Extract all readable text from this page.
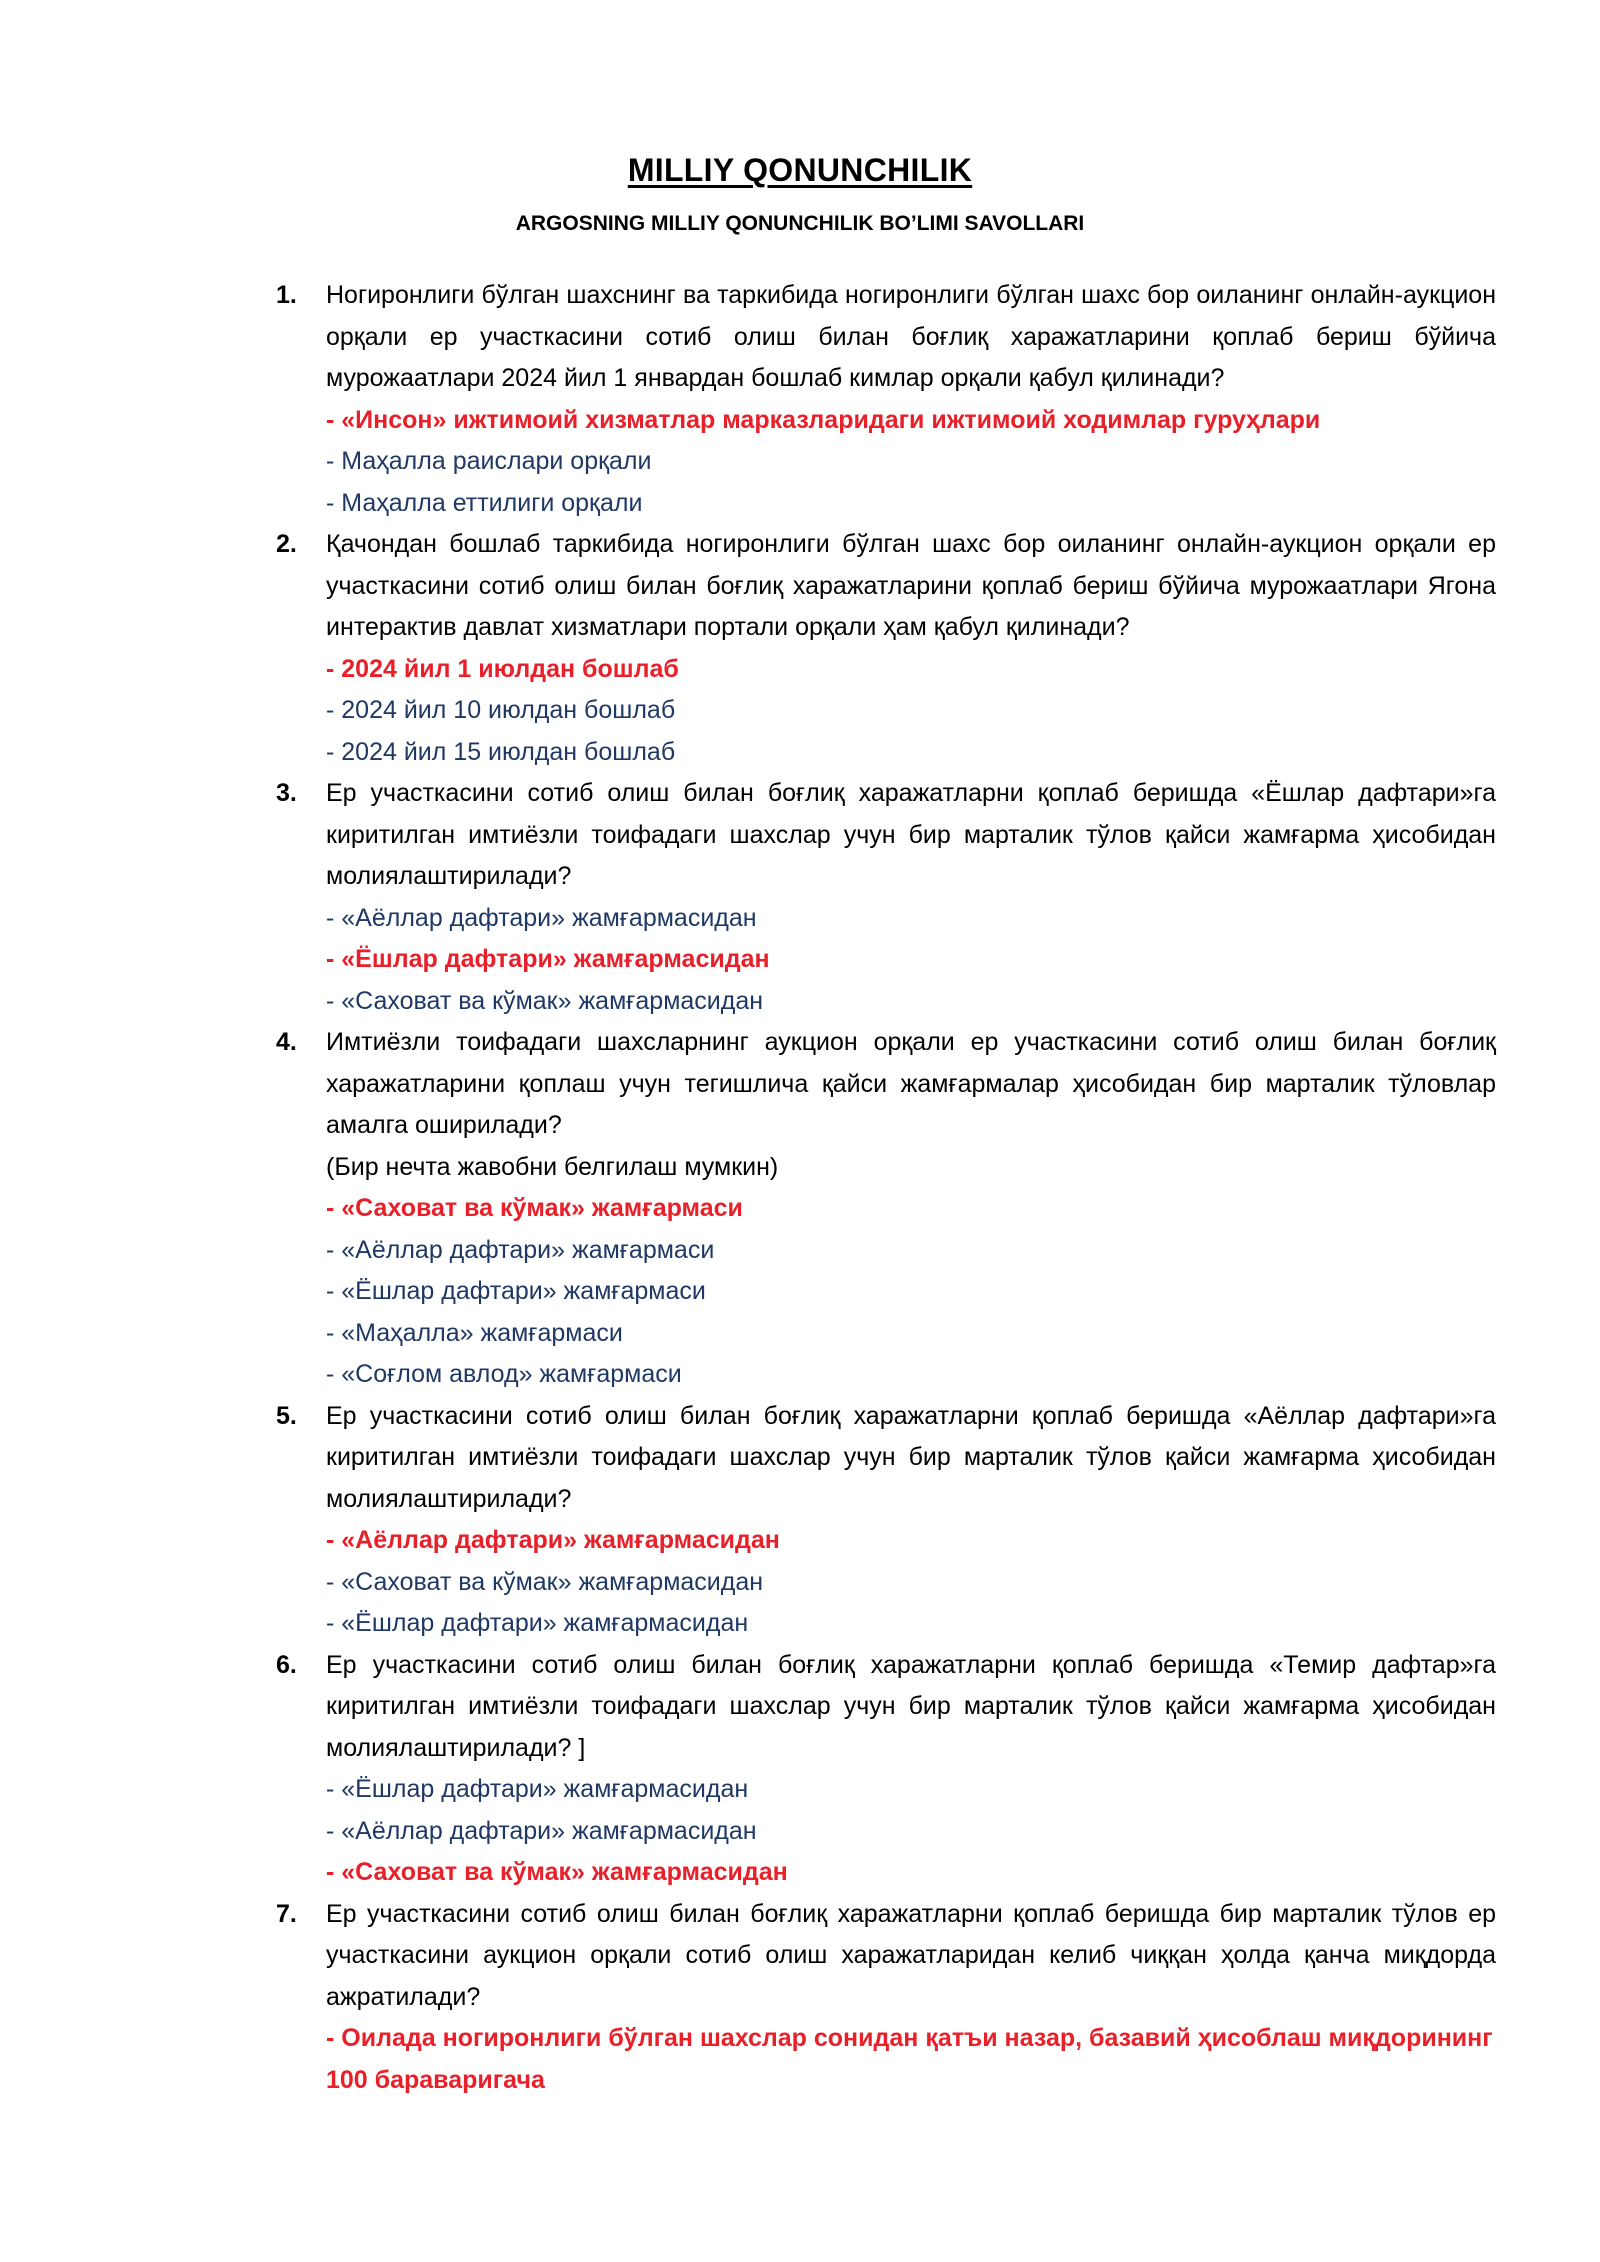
MILLIY QONUNCHILIK
ARGOSNING MILLIY QONUNCHILIK BO’LIMI SAVOLLARI
1. Ногиронлиги бўлган шахснинг ва таркибида ногиронлиги бўлган шахс бор оиланинг онлайн-аукцион орқали ер участкасини сотиб олиш билан боғлиқ харажатларини қоплаб бериш бўйича мурожаатлари 2024 йил 1 январдан бошлаб кимлар орқали қабул қилинади?
- «Инсон» ижтимоий хизматлар марказларидаги ижтимоий ходимлар гуруҳлари
- Маҳалла раислари орқали
- Маҳалла еттилиги орқали
2. Қачондан бошлаб таркибида ногиронлиги бўлган шахс бор оиланинг онлайн-аукцион орқали ер участкасини сотиб олиш билан боғлиқ харажатларини қоплаб бериш бўйича мурожаатлари Ягона интерактив давлат хизматлари портали орқали ҳам қабул қилинади?
- 2024 йил 1 июлдан бошлаб
- 2024 йил 10 июлдан бошлаб
- 2024 йил 15 июлдан бошлаб
3. Ер участкасини сотиб олиш билан боғлиқ харажатларни қоплаб беришда «Ёшлар дафтари»га киритилган имтиёзли тоифадаги шахслар учун бир марталик тўлов қайси жамғарма ҳисобидан молиялаштирилади?
- «Аёллар дафтари» жамғармасидан
- «Ёшлар дафтари» жамғармасидан
- «Саховат ва кўмак» жамғармасидан
4. Имтиёзли тоифадаги шахсларнинг аукцион орқали ер участкасини сотиб олиш билан боғлиқ харажатларини қоплаш учун тегишлича қайси жамғармалар ҳисобидан бир марталик тўловлар амалга оширилади?
(Бир нечта жавобни белгилаш мумкин)
- «Саховат ва кўмак» жамғармаси
- «Аёллар дафтари» жамғармаси
- «Ёшлар дафтари» жамғармаси
- «Маҳалла» жамғармаси
- «Соғлом авлод» жамғармаси
5. Ер участкасини сотиб олиш билан боғлиқ харажатларни қоплаб беришда «Аёллар дафтари»га киритилган имтиёзли тоифадаги шахслар учун бир марталик тўлов қайси жамғарма ҳисобидан молиялаштирилади?
- «Аёллар дафтари» жамғармасидан
- «Саховат ва кўмак» жамғармасидан
- «Ёшлар дафтари» жамғармасидан
6. Ер участкасини сотиб олиш билан боғлиқ харажатларни қоплаб беришда «Темир дафтар»га киритилган имтиёзли тоифадаги шахслар учун бир марталик тўлов қайси жамғарма ҳисобидан молиялаштирилади? ]
- «Ёшлар дафтари» жамғармасидан
- «Аёллар дафтари» жамғармасидан
- «Саховат ва кўмак» жамғармасидан
7. Ер участкасини сотиб олиш билан боғлиқ харажатларни қоплаб беришда бир марталик тўлов ер участкасини аукцион орқали сотиб олиш харажатларидан келиб чиққан ҳолда қанча миқдорда ажратилади?
- Оилада ногиронлиги бўлган шахслар сонидан қатъи назар, базавий ҳисоблаш миқдорининг 100 бараваригача
